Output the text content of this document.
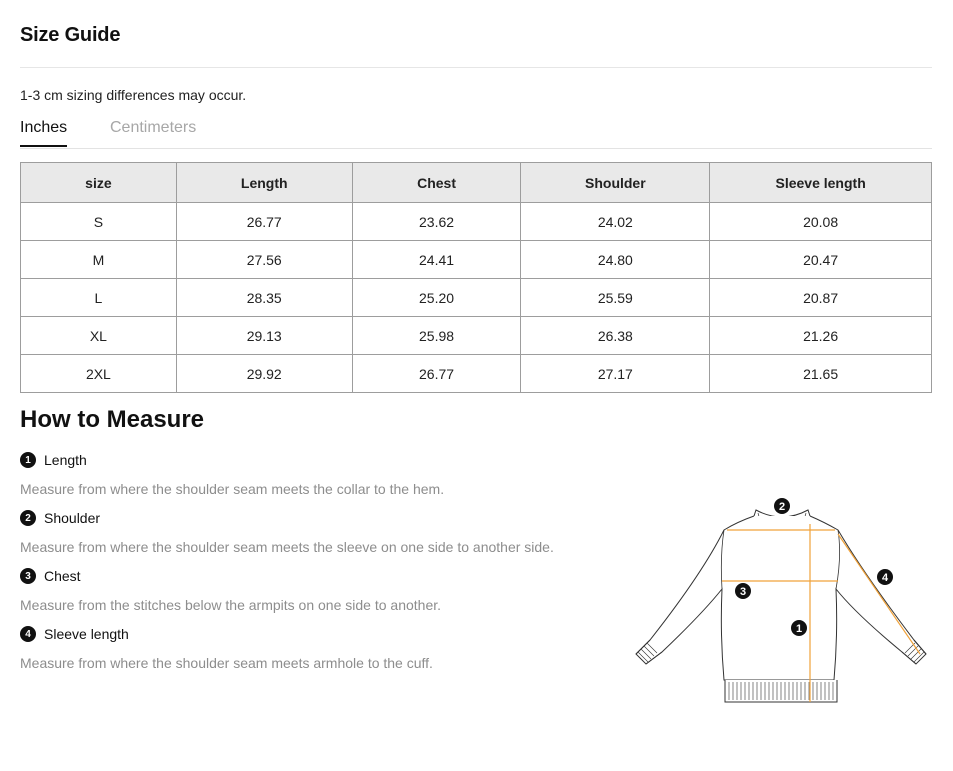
Size Guide
1-3 cm sizing differences may occur.
Inches	Centimeters
size	Length	Chest	Shoulder	Sleeve length
S	26.77	23.62	24.02	20.08
M	27.56	24.41	24.80	20.47
L	28.35	25.20	25.59	20.87
XL	29.13	25.98	26.38	21.26
2XL	29.92	26.77	27.17	21.65
How to Measure
1 Length
Measure from where the shoulder seam meets the collar to the hem.
2 Shoulder
Measure from where the shoulder seam meets the sleeve on one side to another side.
3 Chest
Measure from the stitches below the armpits on one side to another.
4 Sleeve length
Measure from where the shoulder seam meets armhole to the cuff.
2
3
4
1
